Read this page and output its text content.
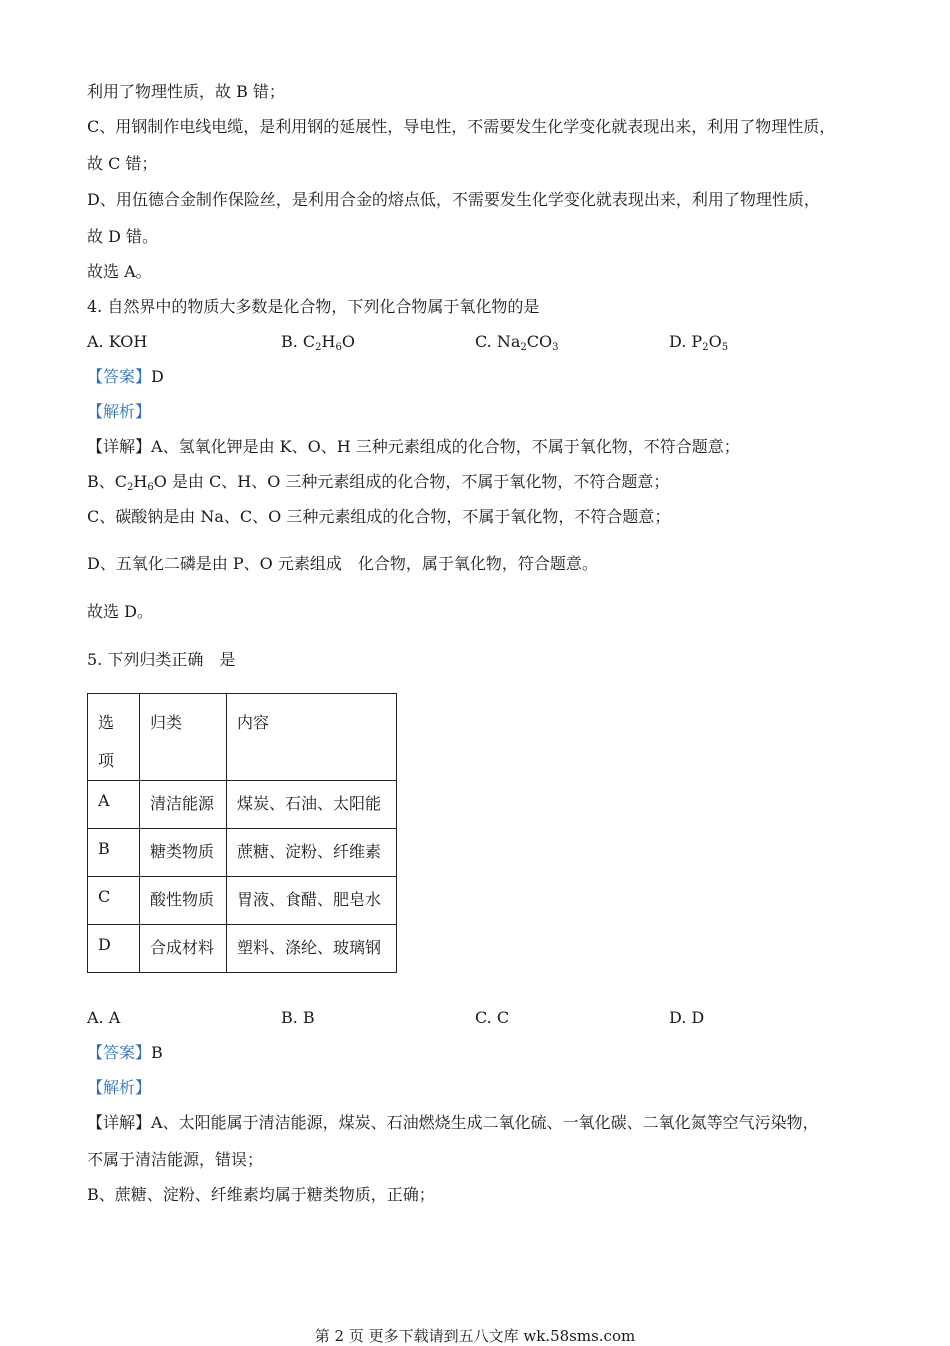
利用了物理性质，故 B 错；
C、用钢制作电线电缆，是利用钢的延展性，导电性，不需要发生化学变化就表现出来，利用了物理性质，
故 C 错；
D、用伍德合金制作保险丝，是利用合金的熔点低，不需要发生化学变化就表现出来，利用了物理性质，
故 D 错。
故选 A。
4. 自然界中的物质大多数是化合物，下列化合物属于氧化物的是
A. KOH	B. $C_2H_6O$	C. $Na_2CO_3$	D. $P_2O_5$
【答案】D
【解析】
【详解】A、氢氧化钾是由 K、O、H 三种元素组成的化合物，不属于氧化物，不符合题意；
B、$C_2H_6O$ 是由 C、H、O 三种元素组成的化合物，不属于氧化物，不符合题意；
C、碳酸钠是由 Na、C、O 三种元素组成的化合物，不属于氧化物，不符合题意；
D、五氧化二磷是由 P、O 元素组成　化合物，属于氧化物，符合题意。
故选 D。
5. 下列归类正确　是
选
项	归类	内容
A	清洁能源	煤炭、石油、太阳能
B	糖类物质	蔗糖、淀粉、纤维素
C	酸性物质	胃液、食醋、肥皂水
D	合成材料	塑料、涤纶、玻璃钢
A. A	B. B	C. C	D. D
【答案】B
【解析】
【详解】A、太阳能属于清洁能源，煤炭、石油燃烧生成二氧化硫、一氧化碳、二氧化氮等空气污染物，
不属于清洁能源，错误；
B、蔗糖、淀粉、纤维素均属于糖类物质，正确；
第 2 页 更多下载请到五八文库 wk.58sms.com
